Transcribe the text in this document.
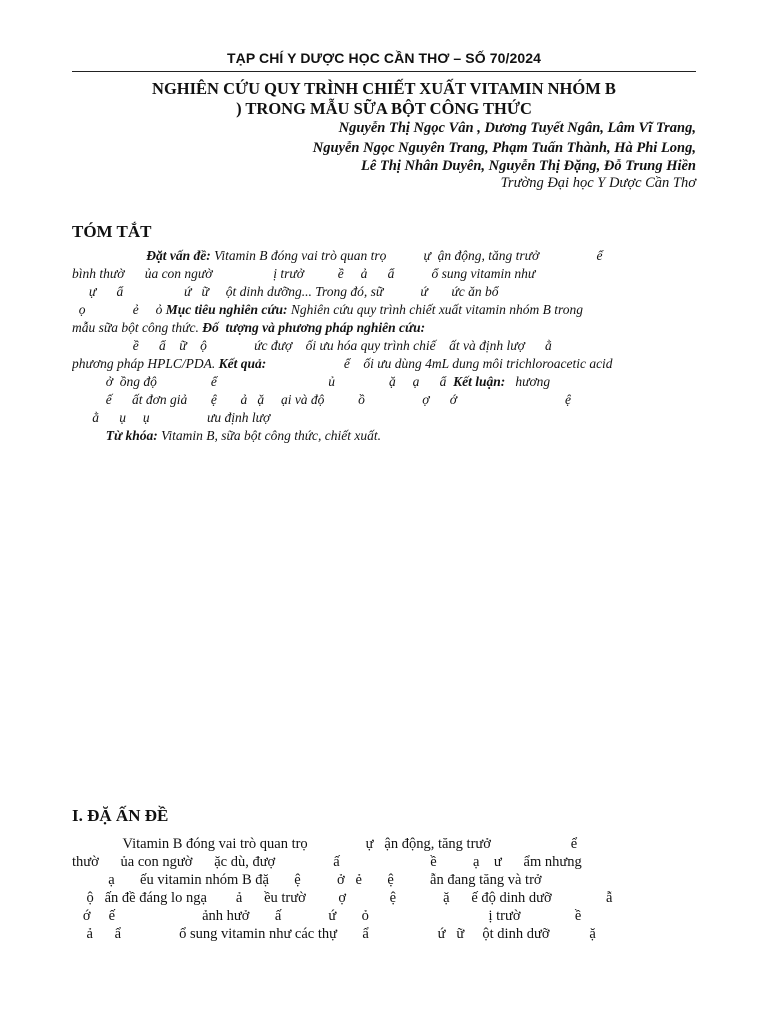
TẠP CHÍ Y DƯỢC HỌC CẦN THƠ – SỐ 70/2024
NGHIÊN CỨU QUY TRÌNH CHIẾT XUẤT VITAMIN NHÓM B
) TRONG MẪU SỮA BỘT CÔNG THỨC
Nguyễn Thị Ngọc Vân , Dương Tuyết Ngân, Lâm Vĩ Trang,
Nguyễn Ngọc Nguyên Trang, Phạm Tuấn Thành, Hà Phi Long,
Lê Thị Nhân Duyên, Nguyễn Thị Đặng, Đỗ Trung Hiền
Trường Đại học Y Dược Cần Thơ
TÓM TẮT
Đặt vấn đề: Vitamin B đóng vai trò quan trọ           ự  ận động, tăng trưở                 ể
bình thườ      ủa con ngườ                  ị trưở          ề     ả      ẩ           ổ sung vitamin như
ự      ẩ                  ứ   ữ     ột dinh dưỡng... Trong đó, sữ           ứ       ức ăn bổ
ọ              ẻ     ỏ Mục tiêu nghiên cứu: Nghiên cứu quy trình chiết xuất vitamin nhóm B trong
mẫu sữa bột công thức. Đố  tượng và phương pháp nghiên cứu:
ề      ẩ    ữ    ộ              ức đượ    ối ưu hóa quy trình chiế    ất và định lượ      ằ
phương pháp HPLC/PDA. Kết quả:                       ể    ối ưu dùng 4mL dung môi trichloroacetic acid
ở  ồng độ                ể                                 ủ                ặ     ạ      ẩ  Kết luận:   hương
ế      ất đơn giả       ệ       ả   ặ     ại và độ          ồ                 ợ      ớ                                ệ
ằ      ụ     ụ                 ưu định lượ
Từ khóa: Vitamin B, sữa bột công thức, chiết xuất.
I. ĐẶ ẤN ĐỀ
Vitamin B đóng vai trò quan trọ                ự   ận động, tăng trưở                      ể
thườ      ủa con ngườ      ặc dù, đượ                ấ                         ề          ạ    ư      ẩm nhưng
ạ       ếu vitamin nhóm B đặ       ệ          ở   ẻ       ệ          ẫn đang tăng và trở
ộ   ấn đề đáng lo ngạ        ả      ều trườ         ợ            ệ             ặ      ế độ dinh dưỡ               ẫ
ớ     ế                        ảnh hưở       ấ             ứ       ỏ                                 ị trườ               ề
ả      ẩ                ổ sung vitamin như các thự       ẩ                   ứ   ữ     ột dinh dưỡ           ặ
